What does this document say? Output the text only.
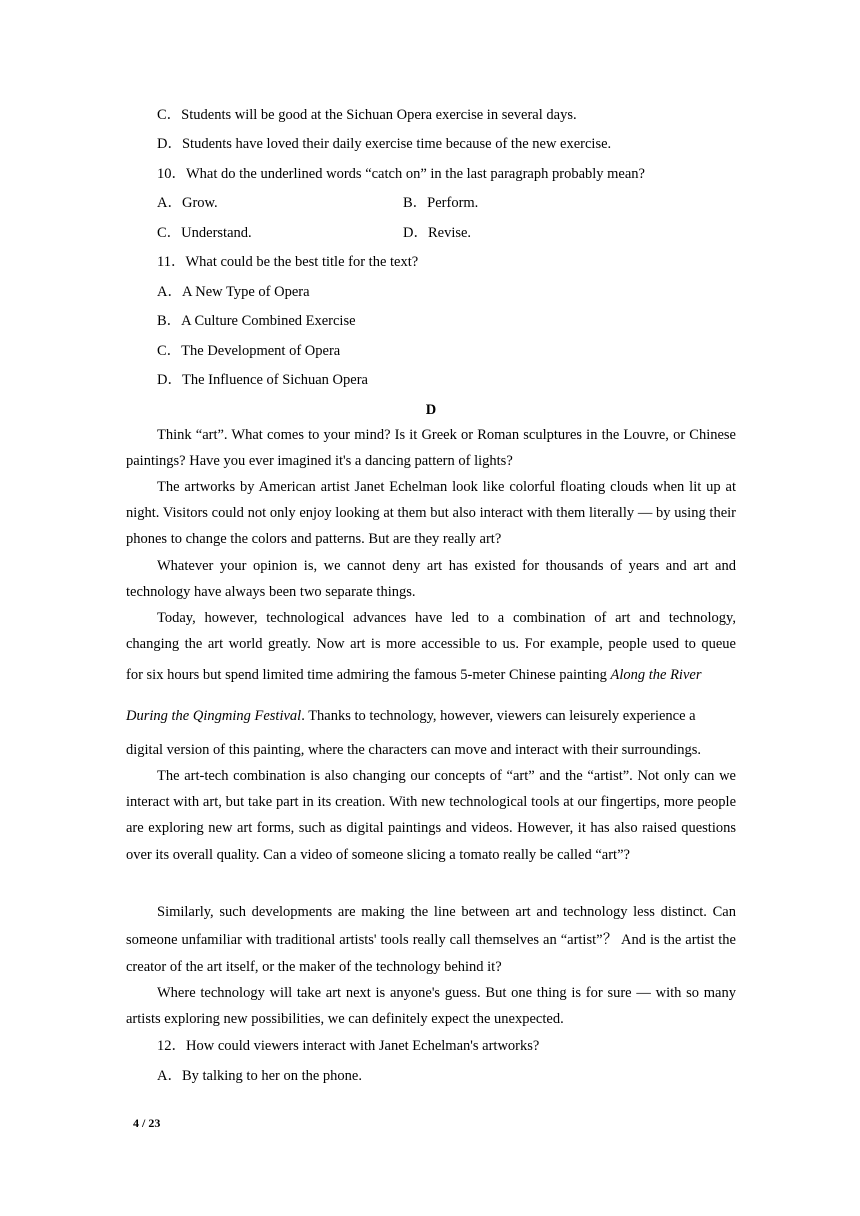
C．Students will be good at the Sichuan Opera exercise in several days.
D．Students have loved their daily exercise time because of the new exercise.
10．What do the underlined words “catch on” in the last paragraph probably mean?
A．Grow.	B．Perform.
C．Understand.	D．Revise.
11．What could be the best title for the text?
A．A New Type of Opera
B．A Culture Combined Exercise
C．The Development of Opera
D．The Influence of Sichuan Opera
D

Think “art”. What comes to your mind? Is it Greek or Roman sculptures in the Louvre, or Chinese paintings? Have you ever imagined it's a dancing pattern of lights?

The artworks by American artist Janet Echelman look like colorful floating clouds when lit up at night. Visitors could not only enjoy looking at them but also interact with them literally — by using their phones to change the colors and patterns. But are they really art?

Whatever your opinion is, we cannot deny art has existed for thousands of years and art and technology have always been two separate things.

Today, however, technological advances have led to a combination of art and technology,
changing the art world greatly. Now art is more accessible to us. For example, people used to queue
for six hours but spend limited time admiring the famous 5-meter Chinese painting Along the River
During the Qingming Festival. Thanks to technology, however, viewers can leisurely experience a
digital version of this painting, where the characters can move and interact with their surroundings.

The art-tech combination is also changing our concepts of “art” and the “artist”. Not only can we interact with art, but take part in its creation. With new technological tools at our fingertips, more people are exploring new art forms, such as digital paintings and videos. However, it has also raised questions over its overall quality. Can a video of someone slicing a tomato really be called “art”?

Similarly, such developments are making the line between art and technology less distinct. Can someone unfamiliar with traditional artists' tools really call themselves an “artist”？ And is the artist the creator of the art itself, or the maker of the technology behind it?

Where technology will take art next is anyone's guess. But one thing is for sure — with so many artists exploring new possibilities, we can definitely expect the unexpected.

12．How could viewers interact with Janet Echelman's artworks?
A．By talking to her on the phone.
4 / 23
